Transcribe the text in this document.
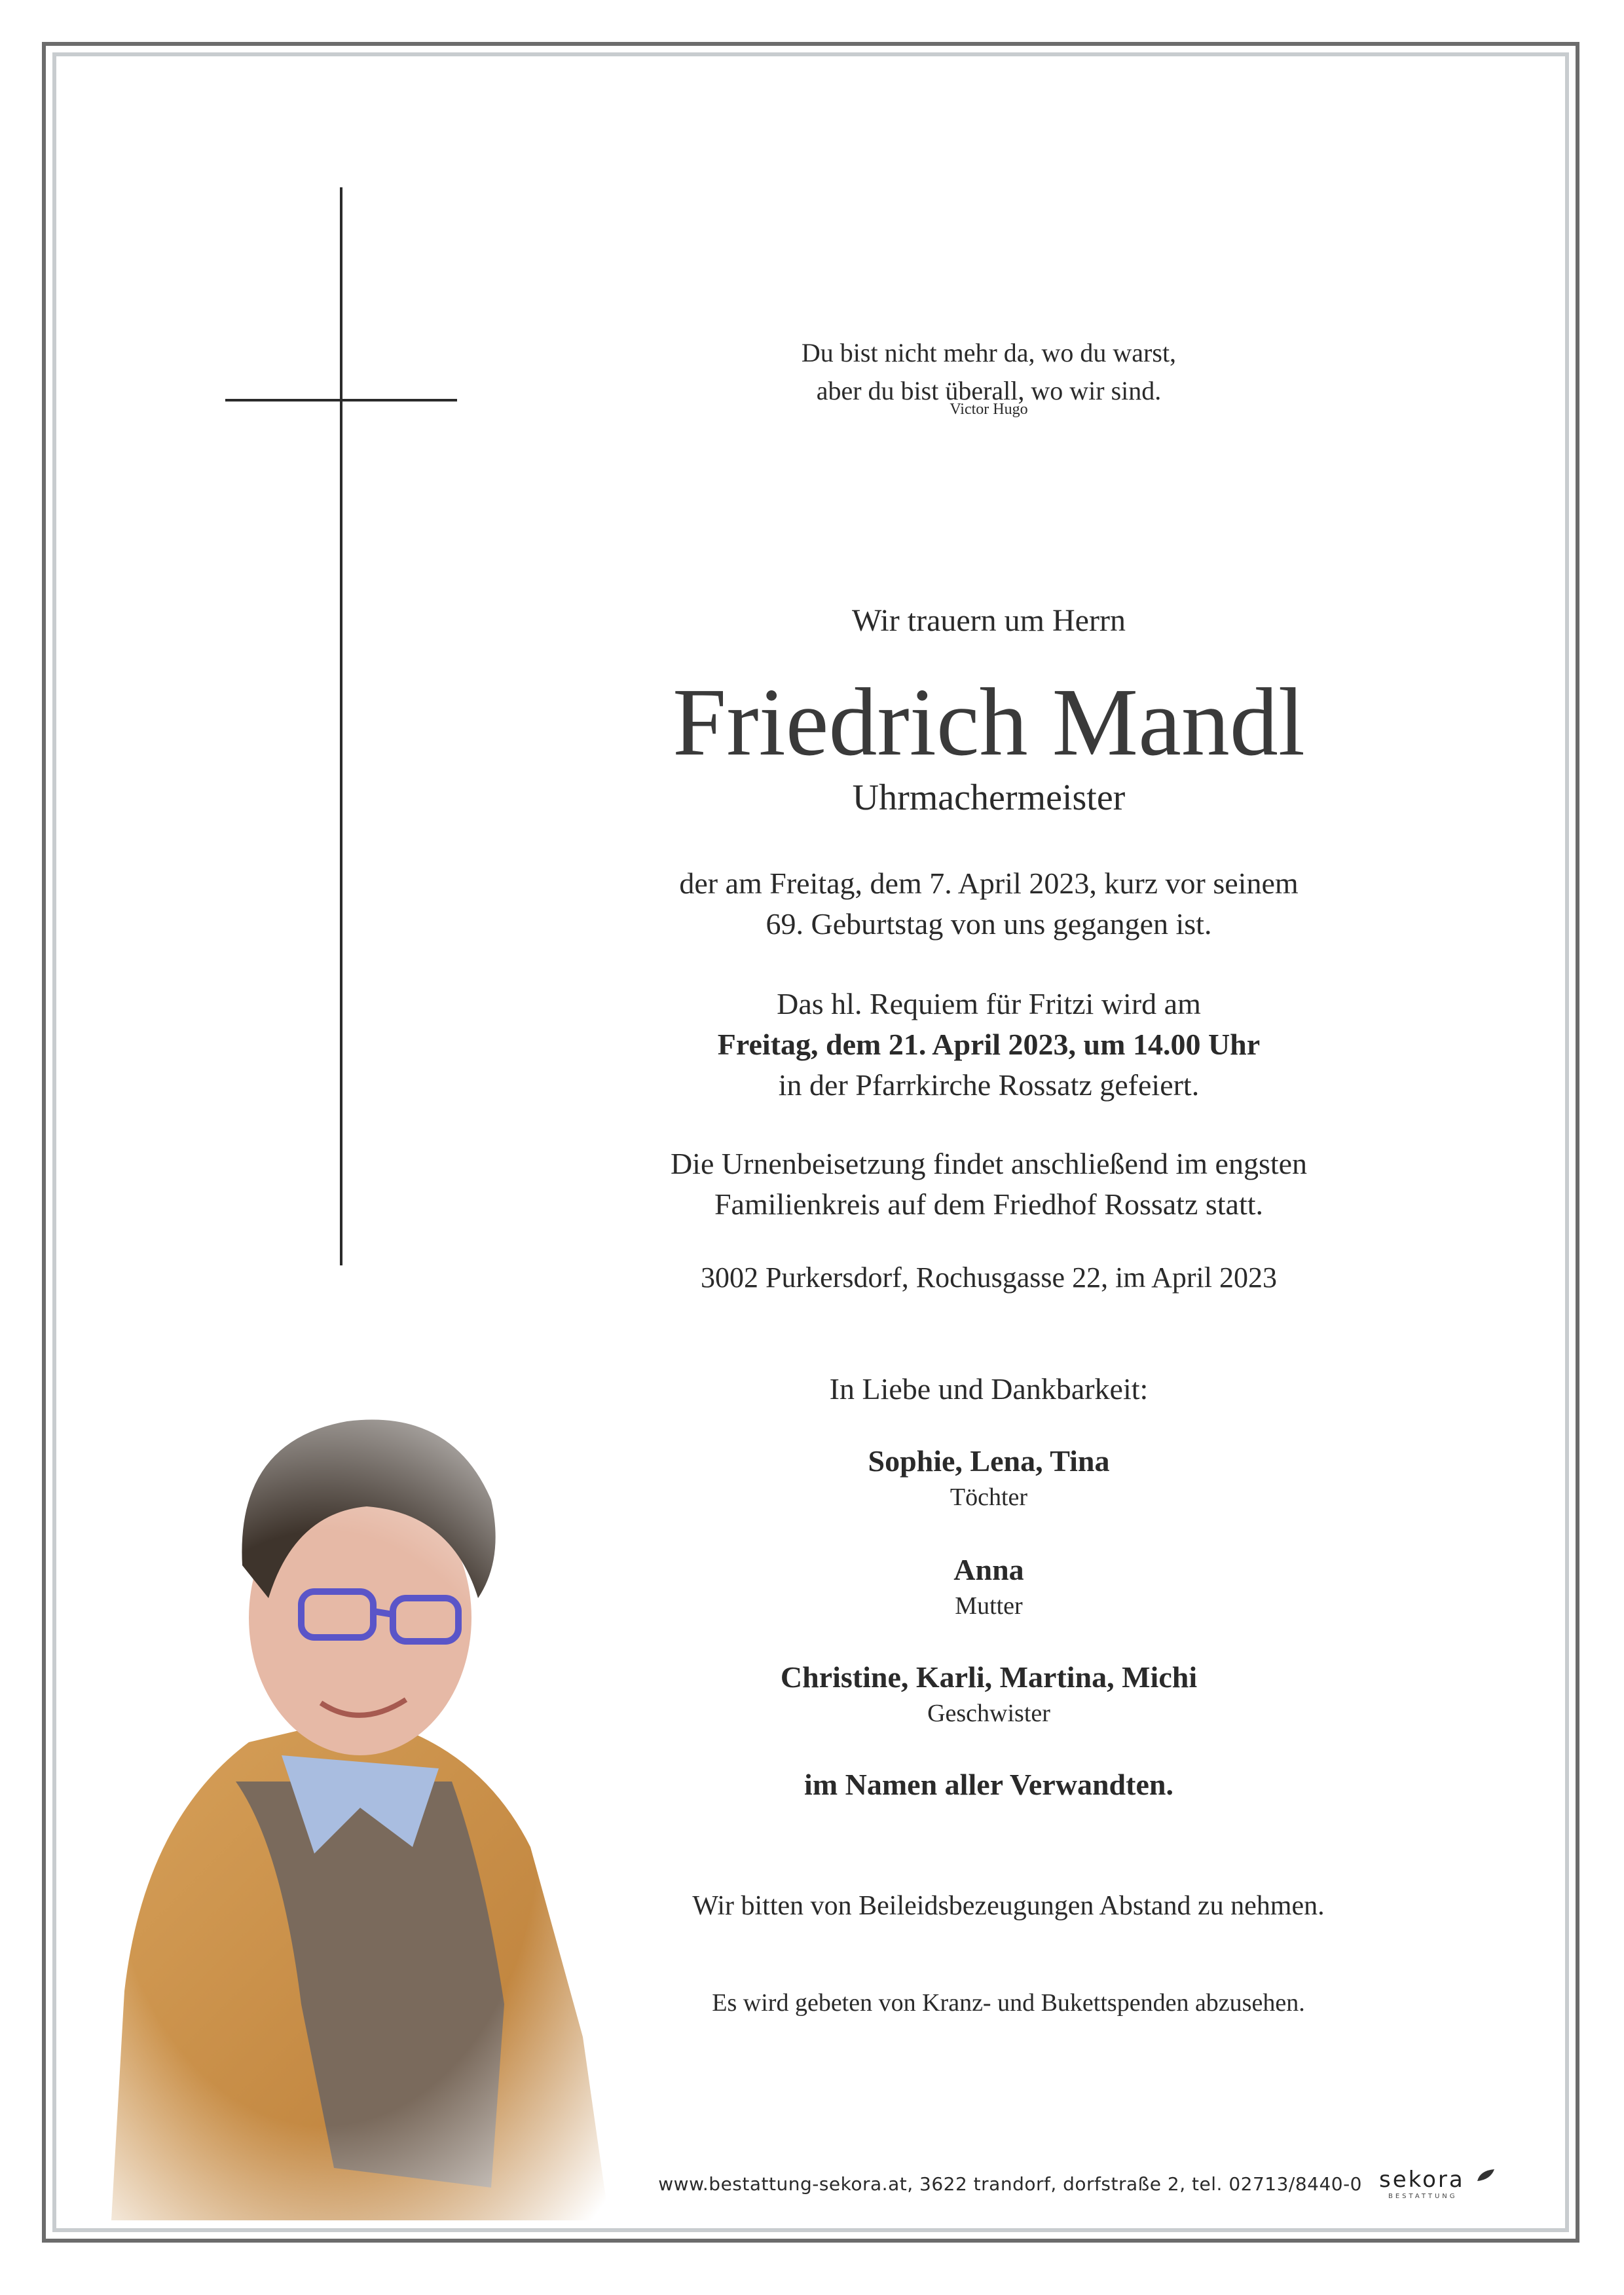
Du bist nicht mehr da, wo du warst,
aber du bist überall, wo wir sind.
Victor Hugo
Wir trauern um Herrn
Friedrich Mandl
Uhrmachermeister
der am Freitag, dem 7. April 2023, kurz vor seinem
69. Geburtstag von uns gegangen ist.
Das hl. Requiem für Fritzi wird am
Freitag, dem 21. April 2023, um 14.00 Uhr
in der Pfarrkirche Rossatz gefeiert.
Die Urnenbeisetzung findet anschließend im engsten
Familienkreis auf dem Friedhof Rossatz statt.
3002 Purkersdorf, Rochusgasse 22, im April 2023
In Liebe und Dankbarkeit:
Sophie, Lena, Tina
Töchter
Anna
Mutter
Christine, Karli, Martina, Michi
Geschwister
im Namen aller Verwandten.
Wir bitten von Beileidsbezeugungen Abstand zu nehmen.
Es wird gebeten von Kranz- und Bukettspenden abzusehen.
www.bestattung-sekora.at, 3622 trandorf, dorfstraße 2, tel. 02713/8440-0 sekora
BESTATTUNG
